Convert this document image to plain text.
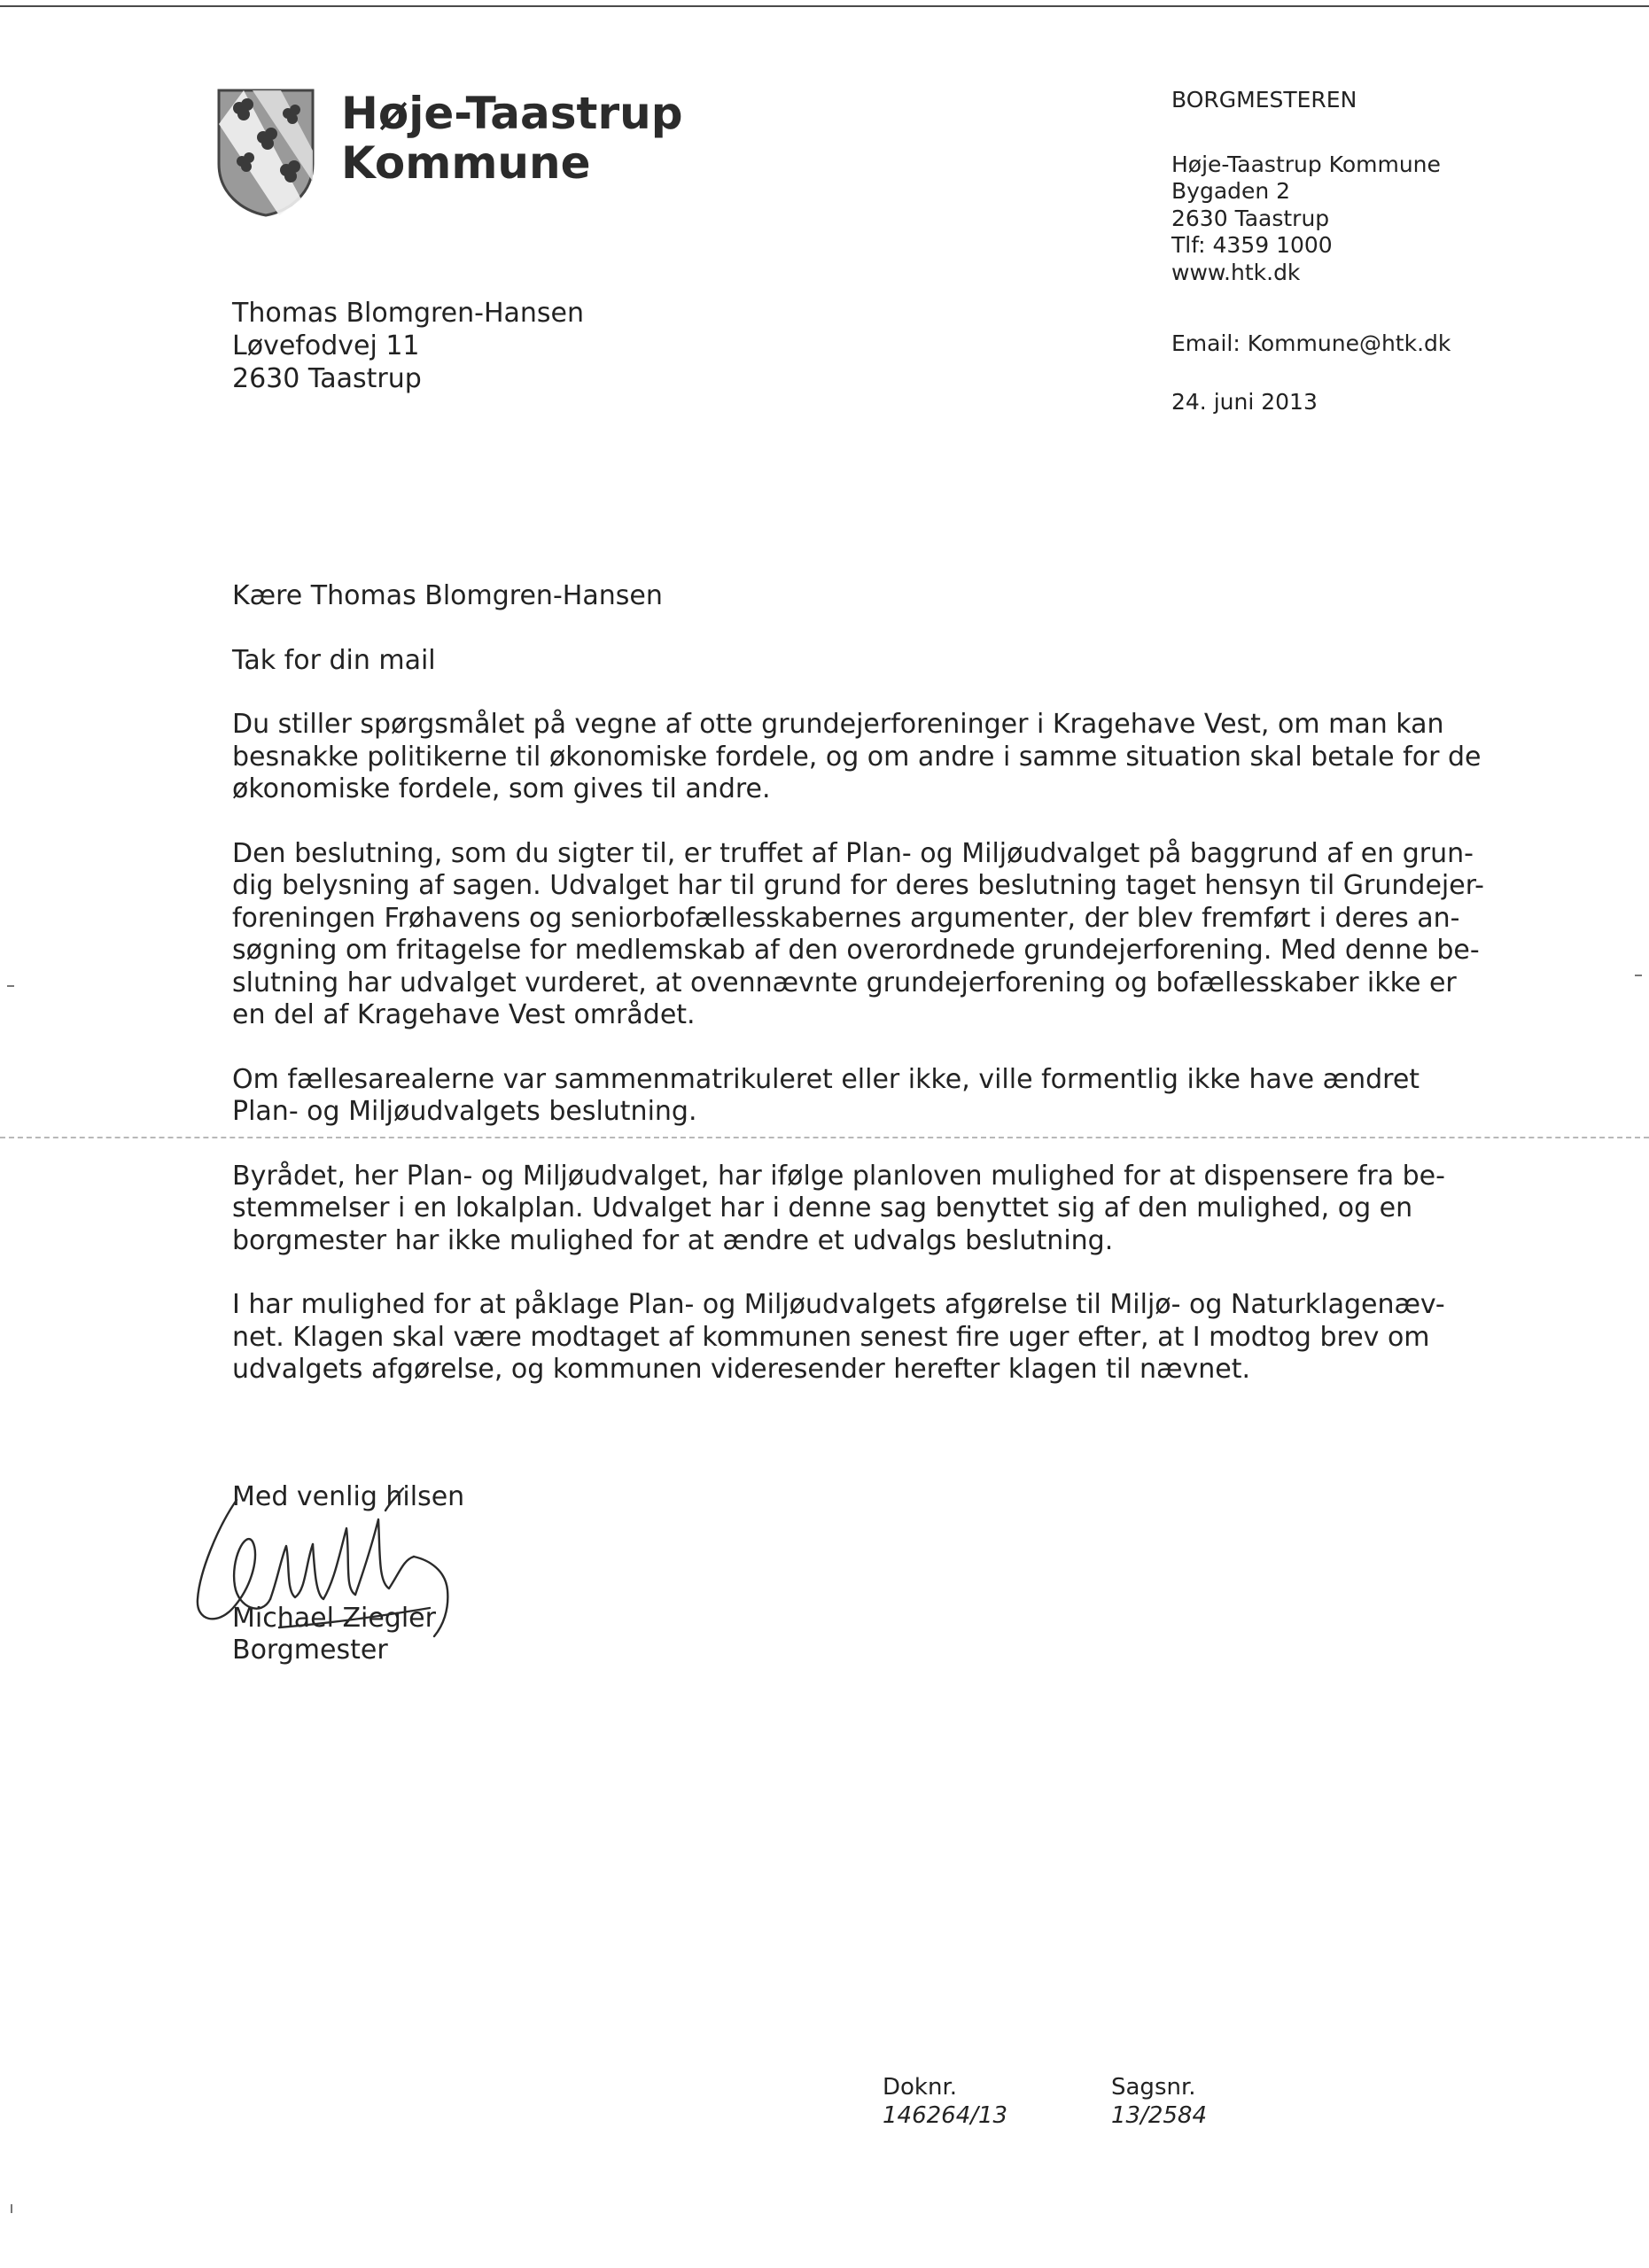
Høje-Taastrup
Kommune
BORGMESTEREN
Høje-Taastrup Kommune
Bygaden 2
2630 Taastrup
Tlf: 4359 1000
www.htk.dk
Email: Kommune@htk.dk
24. juni 2013
Thomas Blomgren-Hansen
Løvefodvej 11
2630 Taastrup
Kære Thomas Blomgren-Hansen

Tak for din mail

Du stiller spørgsmålet på vegne af otte grundejerforeninger i Kragehave Vest, om man kan
besnakke politikerne til økonomiske fordele, og om andre i samme situation skal betale for de
økonomiske fordele, som gives til andre.

Den beslutning, som du sigter til, er truffet af Plan- og Miljøudvalget på baggrund af en grun-
dig belysning af sagen. Udvalget har til grund for deres beslutning taget hensyn til Grundejer-
foreningen Frøhavens og seniorbofællesskabernes argumenter, der blev fremført i deres an-
søgning om fritagelse for medlemskab af den overordnede grundejerforening. Med denne be-
slutning har udvalget vurderet, at ovennævnte grundejerforening og bofællesskaber ikke er
en del af Kragehave Vest området.

Om fællesarealerne var sammenmatrikuleret eller ikke, ville formentlig ikke have ændret
Plan- og Miljøudvalgets beslutning.

Byrådet, her Plan- og Miljøudvalget, har ifølge planloven mulighed for at dispensere fra be-
stemmelser i en lokalplan. Udvalget har i denne sag benyttet sig af den mulighed, og en
borgmester har ikke mulighed for at ændre et udvalgs beslutning.

I har mulighed for at påklage Plan- og Miljøudvalgets afgørelse til Miljø- og Naturklagenæv-
net. Klagen skal være modtaget af kommunen senest fire uger efter, at I modtog brev om
udvalgets afgørelse, og kommunen videresender herefter klagen til nævnet.

Med venlig hilsen
Michael Ziegler
Borgmester
Doknr.
146264/13
Sagsnr.
13/2584
